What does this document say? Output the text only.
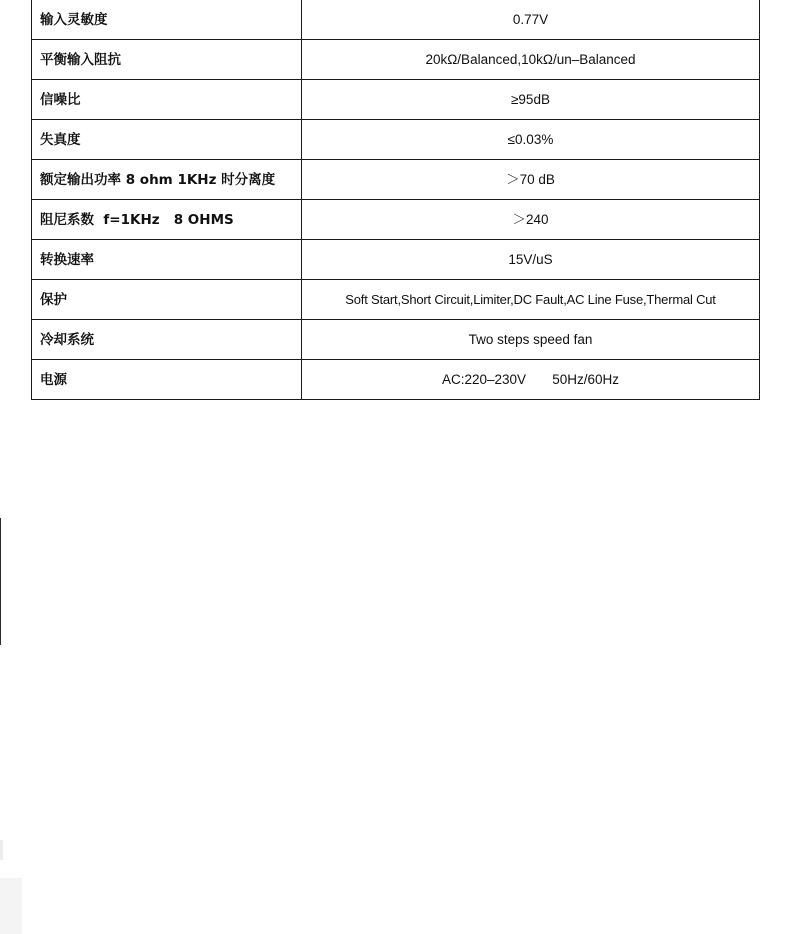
输入灵敏度	0.77V
平衡输入阻抗	20kΩ/Balanced,10kΩ/un–Balanced
信噪比	≥95dB
失真度	≤0.03%
额定输出功率 8 ohm 1KHz 时分离度	＞70 dB
阻尼系数  f=1KHz   8 OHMS	＞240
转换速率	15V/uS
保护	Soft Start,Short Circuit,Limiter,DC Fault,AC Line Fuse,Thermal Cut
冷却系统	Two steps speed fan
电源	AC:220–230V       50Hz/60Hz
